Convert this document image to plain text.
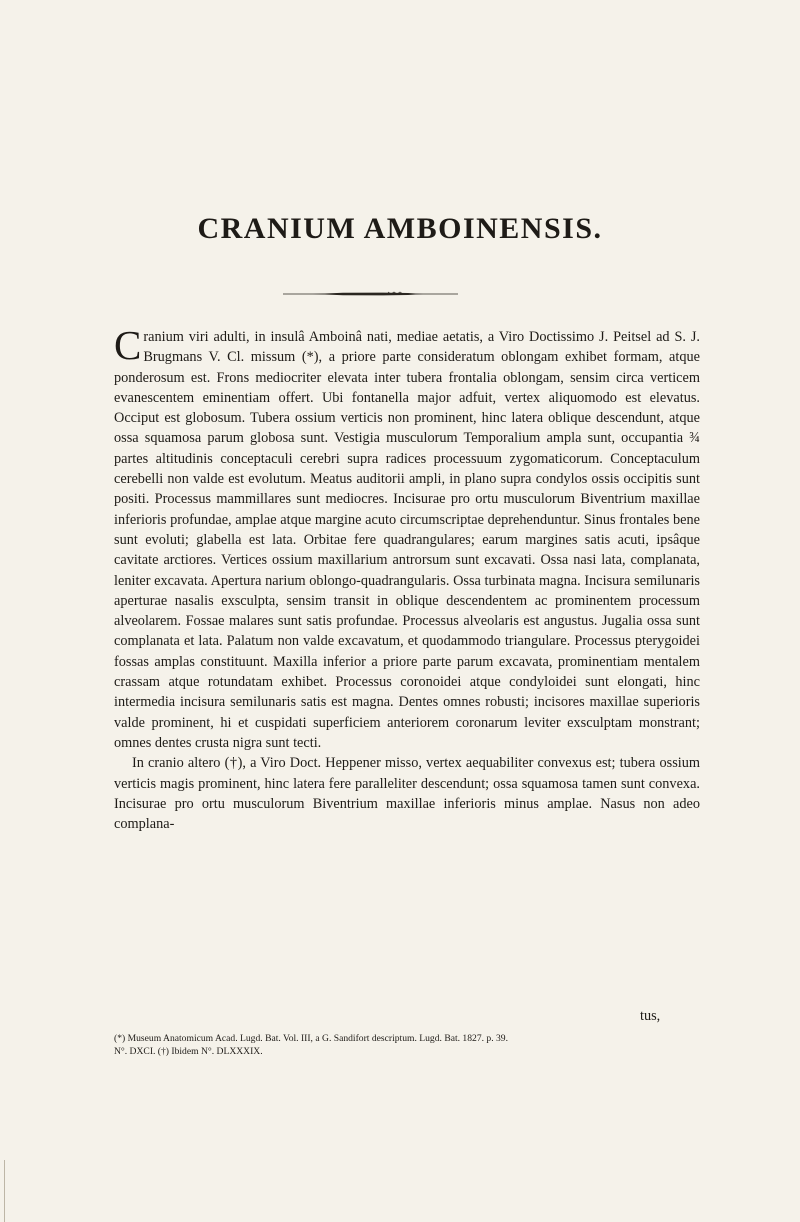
CRANIUM AMBOINENSIS.

Cranium viri adulti, in insulâ Amboinâ nati, mediae aetatis, a Viro Doctissimo J. Peitsel ad S. J. Brugmans V. Cl. missum (*), a priore parte consideratum oblongam exhibet formam, atque ponderosum est. Frons mediocriter elevata inter tubera frontalia oblongam, sensim circa verticem evanescentem eminentiam offert. Ubi fontanella major adfuit, vertex aliquomodo est elevatus. Occiput est globosum. Tubera ossium verticis non prominent, hinc latera oblique descendunt, atque ossa squamosa parum globosa sunt. Vestigia musculorum Temporalium ampla sunt, occupantia ¾ partes altitudinis conceptaculi cerebri supra radices processuum zygomaticorum. Conceptaculum cerebelli non valde est evolutum. Meatus auditorii ampli, in plano supra condylos ossis occipitis sunt positi. Processus mammillares sunt mediocres. Incisurae pro ortu musculorum Biventrium maxillae inferioris profundae, amplae atque margine acuto circumscriptae deprehenduntur. Sinus frontales bene sunt evoluti; glabella est lata. Orbitae fere quadrangulares; earum margines satis acuti, ipsâque cavitate arctiores. Vertices ossium maxillarium antrorsum sunt excavati. Ossa nasi lata, complanata, leniter excavata. Apertura narium oblongo-quadrangularis. Ossa turbinata magna. Incisura semilunaris aperturae nasalis exsculpta, sensim transit in oblique descendentem ac prominentem processum alveolarem. Fossae malares sunt satis profundae. Processus alveolaris est angustus. Jugalia ossa sunt complanata et lata. Palatum non valde excavatum, et quodammodo triangulare. Processus pterygoidei fossas amplas constituunt. Maxilla inferior a priore parte parum excavata, prominentiam mentalem crassam atque rotundatam exhibet. Processus coronoidei atque condyloidei sunt elongati, hinc intermedia incisura semilunaris satis est magna. Dentes omnes robusti; incisores maxillae superioris valde prominent, hi et cuspidati superficiem anteriorem coronarum leviter exsculptam monstrant; omnes dentes crusta nigra sunt tecti.

In cranio altero (†), a Viro Doct. Heppener misso, vertex aequabiliter convexus est; tubera ossium verticis magis prominent, hinc latera fere paralleliter descendunt; ossa squamosa tamen sunt convexa. Incisurae pro ortu musculorum Biventrium maxillae inferioris minus amplae. Nasus non adeo complana-

tus,
(*) Museum Anatomicum Acad. Lugd. Bat. Vol. III, a G. Sandifort descriptum. Lugd. Bat. 1827. p. 39.
N°. DXCI. (†) Ibidem N°. DLXXXIX.
